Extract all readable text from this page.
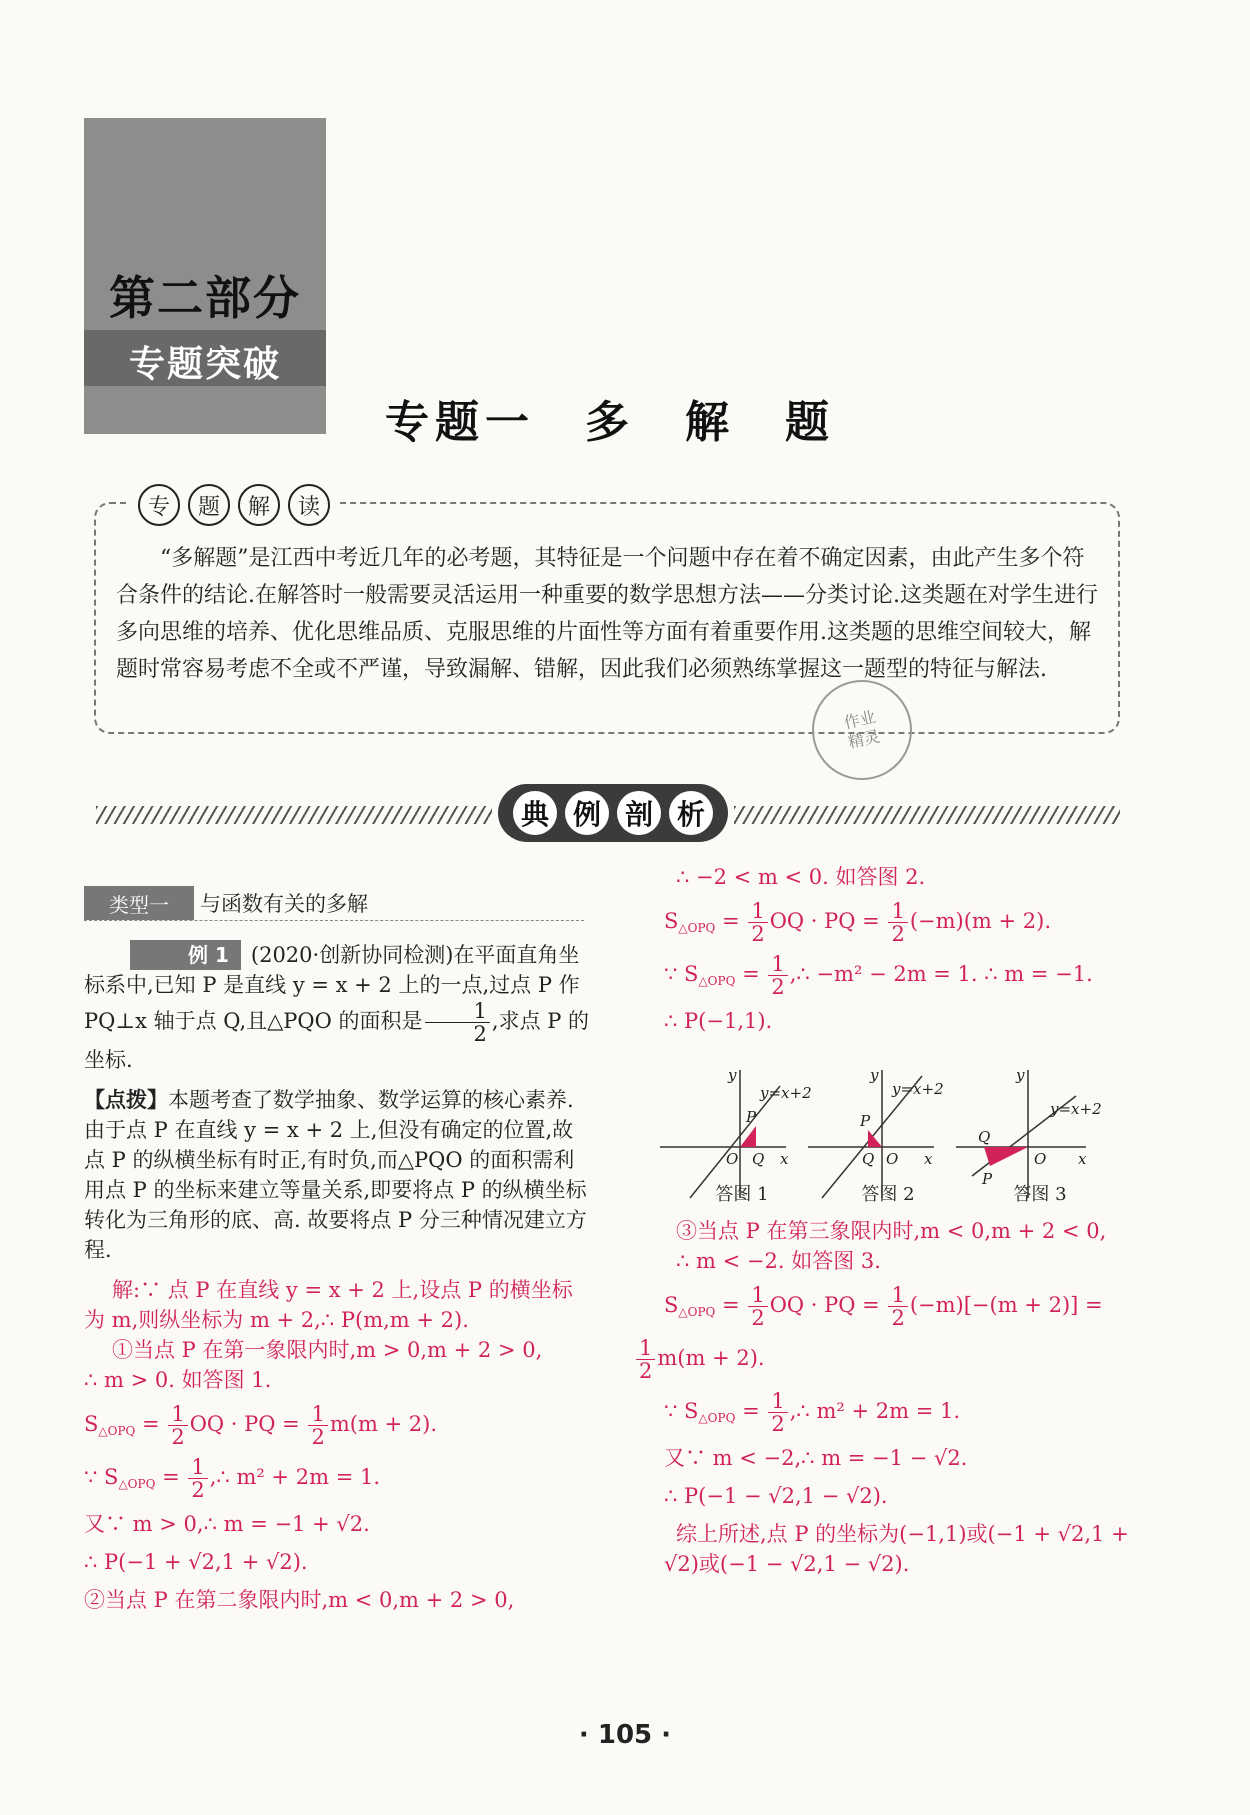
第二部分
专题突破
专题一　多　解　题
专	题	解	读
“多解题”是江西中考近几年的必考题，其特征是一个问题中存在着不确定因素，由此产生多个符合条件的结论.在解答时一般需要灵活运用一种重要的数学思想方法——分类讨论.这类题在对学生进行多向思维的培养、优化思维品质、克服思维的片面性等方面有着重要作用.这类题的思维空间较大，解题时常容易考虑不全或不严谨，导致漏解、错解，因此我们必须熟练掌握这一题型的特征与解法.
作业
精灵
典 例 剖 析
类型一	与函数有关的多解

例 1 (2020·创新协同检测)在平面直角坐标系中,已知 P 是直线 y = x + 2 上的一点,过点 P 作 PQ⊥x 轴于点 Q,且△PQO 的面积是 $\frac{1}{2}$ ,求点 P 的坐标.

【点拨】本题考查了数学抽象、数学运算的核心素养. 由于点 P 在直线 y = x + 2 上,但没有确定的位置,故点 P 的纵横坐标有时正,有时负,而△PQO 的面积需利用点 P 的坐标来建立等量关系,即要将点 P 的纵横坐标转化为三角形的底、高. 故要将点 P 分三种情况建立方程.

解:∵ 点 P 在直线 y = x + 2 上,设点 P 的横坐标为 m,则纵坐标为 m + 2,∴ P(m,m + 2).

①当点 P 在第一象限内时,m > 0,m + 2 > 0,

∴ m > 0. 如答图 1.

$S_{\triangle OPQ} = \frac{1}{2}$ OQ · PQ = $\frac{1}{2} m(m + 2)$.

∵ $S_{\triangle OPQ} = \frac{1}{2}$ ,∴ m² + 2m = 1.

又∵ m > 0,∴ m = −1 + √2.

∴ P(−1 + √2,1 + √2).

②当点 P 在第二象限内时,m < 0,m + 2 > 0,

∴ −2 < m < 0. 如答图 2.

$S_{\triangle OPQ} = \frac{1}{2}$ OQ · PQ = $\frac{1}{2} (-m)(m + 2)$.

∵ $S_{\triangle OPQ} = \frac{1}{2}$ ,∴ −m² − 2m = 1. ∴ m = −1.

∴ P(−1,1).

y=x+2	y=x+2
y=x+2
O Q
P
x
y
Q O
P
x
y
Q
O
P
x
y
答图 1	答图 2	答图 3

③当点 P 在第三象限内时,m < 0,m + 2 < 0,

∴ m < −2. 如答图 3.

$S_{\triangle OPQ} = \frac{1}{2}$ OQ · PQ = $\frac{1}{2} (-m)[-(m + 2)]$ =

$\frac{1}{2} m(m + 2)$.

∵ $S_{\triangle OPQ} = \frac{1}{2}$ ,∴ m² + 2m = 1.

又∵ m < −2,∴ m = −1 − √2.

∴ P(−1 − √2,1 − √2).

综上所述,点 P 的坐标为(−1,1)或(−1 + √2,1 + √2)或(−1 − √2,1 − √2).

· 105 ·
